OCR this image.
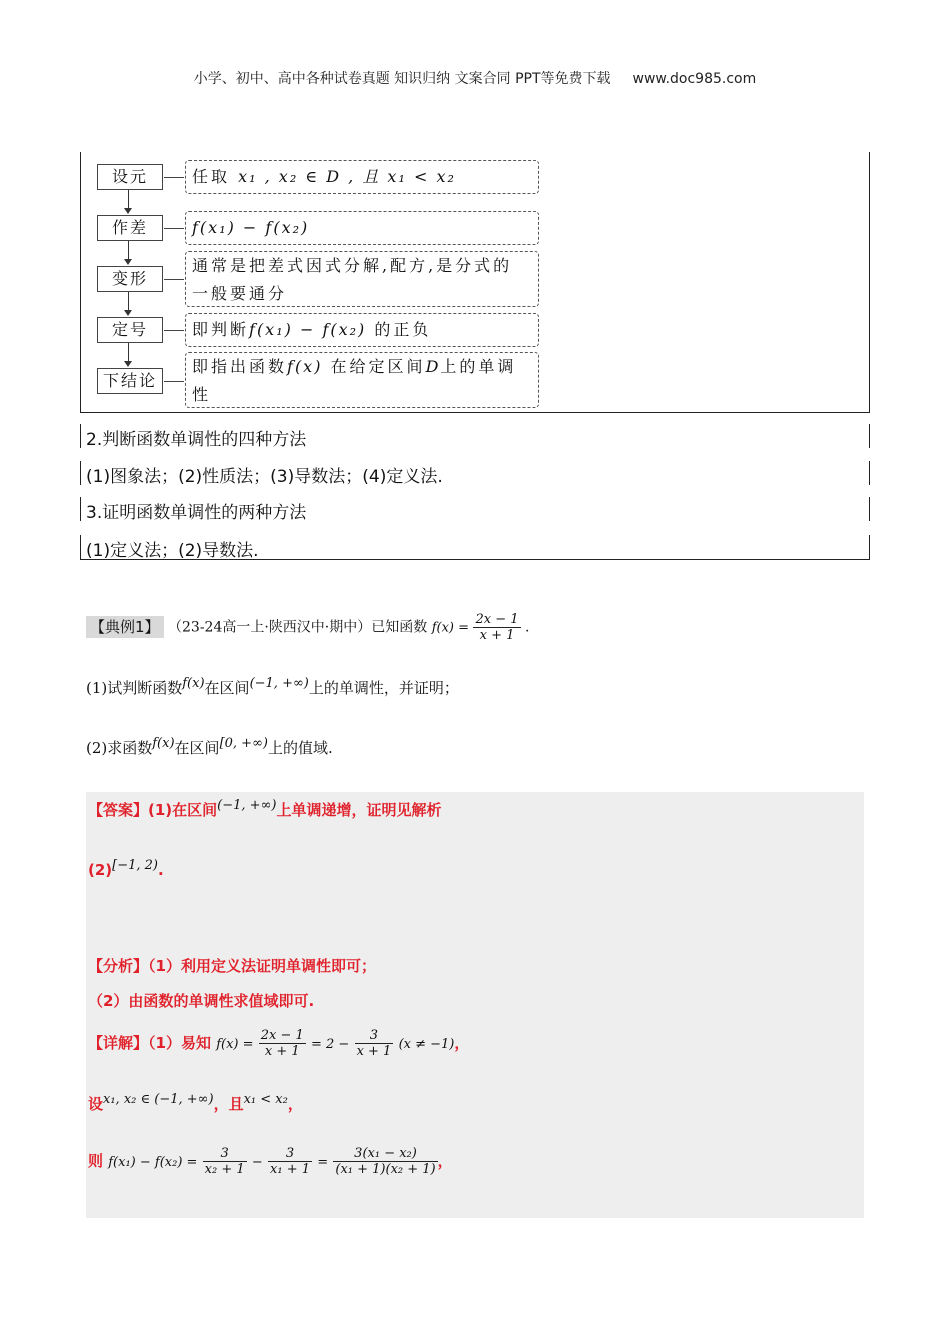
小学、初中、高中各种试卷真题 知识归纳 文案合同 PPT等免费下载 www.doc985.com
设元
作差
变形
定号
下结论
任取 x₁ , x₂ ∈ D , 且 x₁ < x₂
f(x₁) − f(x₂)
通常是把差式因式分解,配方,是分式的
一般要通分
即判断f(x₁) − f(x₂) 的正负
即指出函数f(x) 在给定区间D上的单调
性
2.判断函数单调性的四种方法
(1)图象法；(2)性质法；(3)导数法；(4)定义法.
3.证明函数单调性的两种方法
(1)定义法；(2)导数法.
【典例1】 （23-24高一上·陕西汉中·期中）已知函数 $f(x) = \frac{2x - 1}{x + 1}$ .
(1)试判断函数$^{f(x)}$在区间$^{(-1, +\infty)}$上的单调性，并证明；
(2)求函数$^{f(x)}$在区间$^{[0, +\infty)}$上的值域.
【答案】(1)在区间$^{(-1, +\infty)}$上单调递增，证明见解析
$(2)^{[-1, 2)}$.
【分析】（1）利用定义法证明单调性即可；
（2）由函数的单调性求值域即可.
【详解】（1）易知 $f(x) = \frac{2x - 1}{x + 1} = 2 - \frac{3}{x + 1} (x \ne -1)$，
设$^{x_1, x_2 \in (-1, +\infty)}$，且$^{x_1 < x_2}$，
则 $f(x_1) - f(x_2) = \frac{3}{\text{x₂ + 1}} - \frac{3}{\text{x₁ + 1}} = \frac{\text{3(x₁ − x₂)}}{\text{(x₁ + 1)(x₂ + 1)}}$ ，
